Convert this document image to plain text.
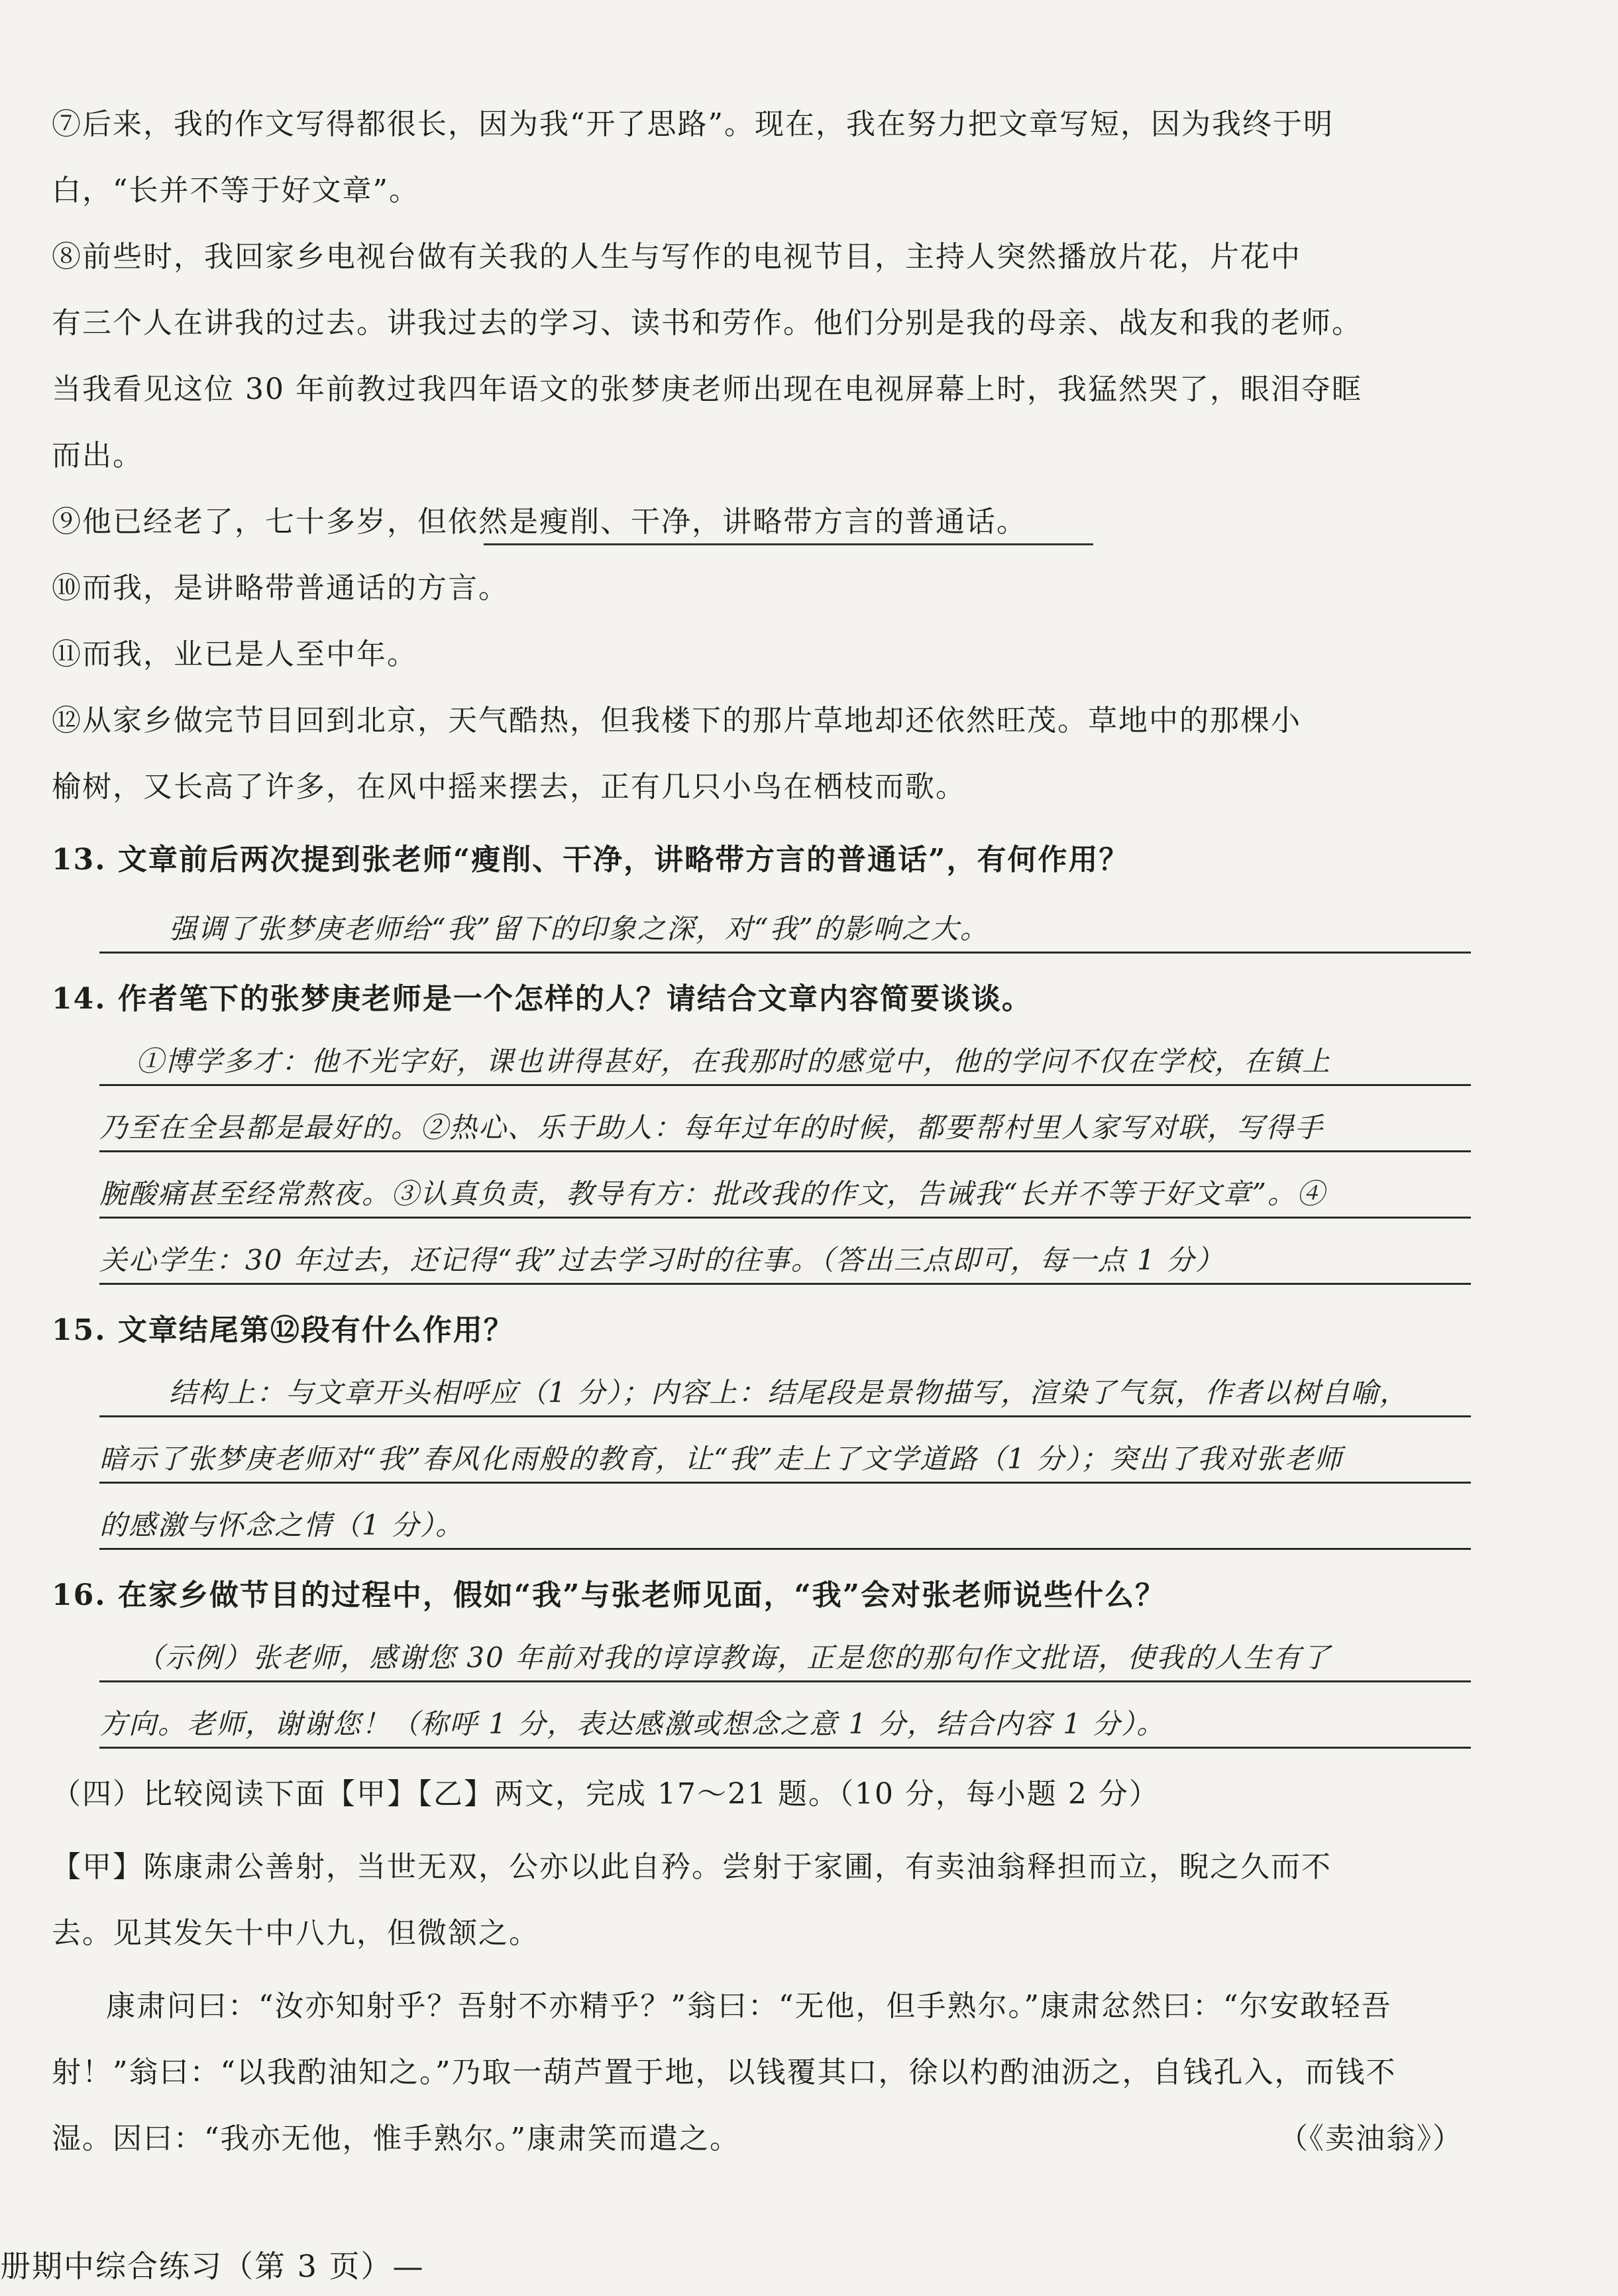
⑦后来，我的作文写得都很长，因为我“开了思路”。现在，我在努力把文章写短，因为我终于明
白，“长并不等于好文章”。
⑧前些时，我回家乡电视台做有关我的人生与写作的电视节目，主持人突然播放片花，片花中
有三个人在讲我的过去。讲我过去的学习、读书和劳作。他们分别是我的母亲、战友和我的老师。
当我看见这位 30 年前教过我四年语文的张梦庚老师出现在电视屏幕上时，我猛然哭了，眼泪夺眶
而出。
⑨他已经老了，七十多岁，但依然是瘦削、干净，讲略带方言的普通话。
⑩而我，是讲略带普通话的方言。
⑪而我，业已是人至中年。
⑫从家乡做完节目回到北京，天气酷热，但我楼下的那片草地却还依然旺茂。草地中的那棵小
榆树，又长高了许多，在风中摇来摆去，正有几只小鸟在栖枝而歌。
13. 文章前后两次提到张老师“瘦削、干净，讲略带方言的普通话”，有何作用？
强调了张梦庚老师给“我”留下的印象之深，对“我”的影响之大。
14. 作者笔下的张梦庚老师是一个怎样的人？请结合文章内容简要谈谈。
①博学多才：他不光字好，课也讲得甚好，在我那时的感觉中，他的学问不仅在学校，在镇上
乃至在全县都是最好的。②热心、乐于助人：每年过年的时候，都要帮村里人家写对联，写得手
腕酸痛甚至经常熬夜。③认真负责，教导有方：批改我的作文，告诫我“长并不等于好文章”。④
关心学生：30 年过去，还记得“我”过去学习时的往事。（答出三点即可，每一点 1 分）
15. 文章结尾第⑫段有什么作用？
结构上：与文章开头相呼应（1 分）；内容上：结尾段是景物描写，渲染了气氛，作者以树自喻，
暗示了张梦庚老师对“我”春风化雨般的教育，让“我”走上了文学道路（1 分）；突出了我对张老师
的感激与怀念之情（1 分）。
16. 在家乡做节目的过程中，假如“我”与张老师见面，“我”会对张老师说些什么？
（示例）张老师，感谢您 30 年前对我的谆谆教诲，正是您的那句作文批语，使我的人生有了
方向。老师，谢谢您！（称呼 1 分，表达感激或想念之意 1 分，结合内容 1 分）。
（四）比较阅读下面【甲】【乙】两文，完成 17～21 题。（10 分，每小题 2 分）
【甲】陈康肃公善射，当世无双，公亦以此自矜。尝射于家圃，有卖油翁释担而立，睨之久而不
去。见其发矢十中八九，但微颔之。
康肃问曰：“汝亦知射乎？吾射不亦精乎？”翁曰：“无他，但手熟尔。”康肃忿然曰：“尔安敢轻吾
射！”翁曰：“以我酌油知之。”乃取一葫芦置于地，以钱覆其口，徐以杓酌油沥之，自钱孔入，而钱不
湿。因曰：“我亦无他，惟手熟尔。”康肃笑而遣之。	（《卖油翁》）
册期中综合练习（第 3 页）—
